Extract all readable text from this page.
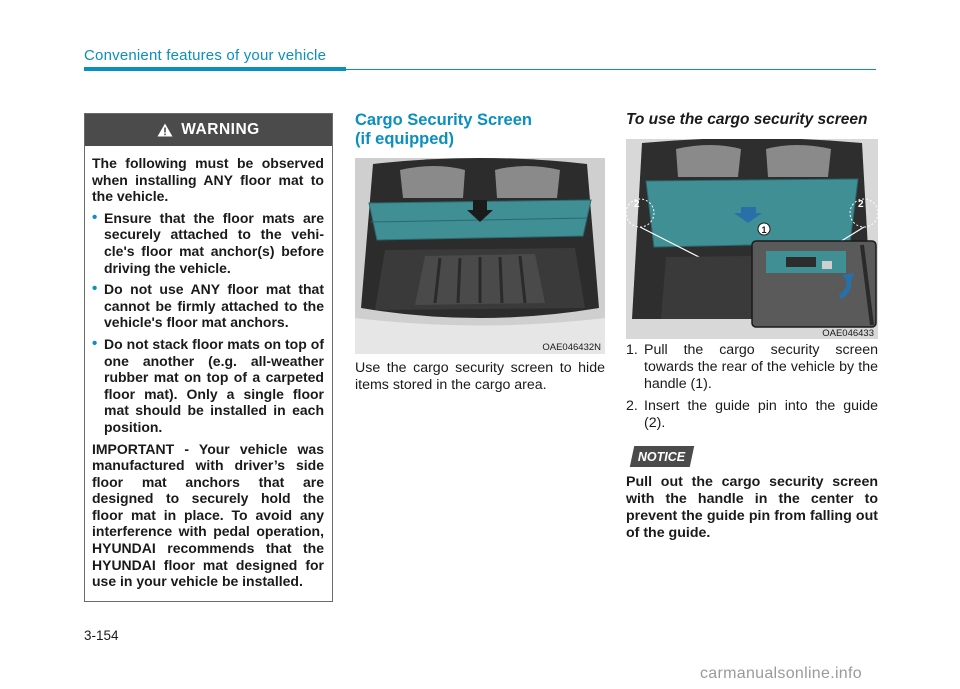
Convenient features of your vehicle
WARNING

The following must be observed when installing ANY floor mat to the vehicle.

• Ensure that the floor mats are securely attached to the vehicle's floor mat anchor(s) before driving the vehicle.
• Do not use ANY floor mat that cannot be firmly attached to the vehicle's floor mat anchors.
• Do not stack floor mats on top of one another (e.g. all-weather rubber mat on top of a carpeted floor mat). Only a single floor mat should be installed in each position.

IMPORTANT - Your vehicle was manufactured with driver’s side floor mat anchors that are designed to securely hold the floor mat in place. To avoid any interference with pedal operation, HYUNDAI recommends that the HYUNDAI floor mat designed for use in your vehicle be installed.

Cargo Security Screen
(if equipped)
OAE046432N
Use the cargo security screen to hide items stored in the cargo area.
To use the cargo security screen
1
2	2
OAE046433
1. Pull the cargo security screen towards the rear of the vehicle by the handle (1).
2. Insert the guide pin into the guide (2).
NOTICE
Pull out the cargo security screen with the handle in the center to prevent the guide pin from falling out of the guide.
3-154
carmanualsonline.info
